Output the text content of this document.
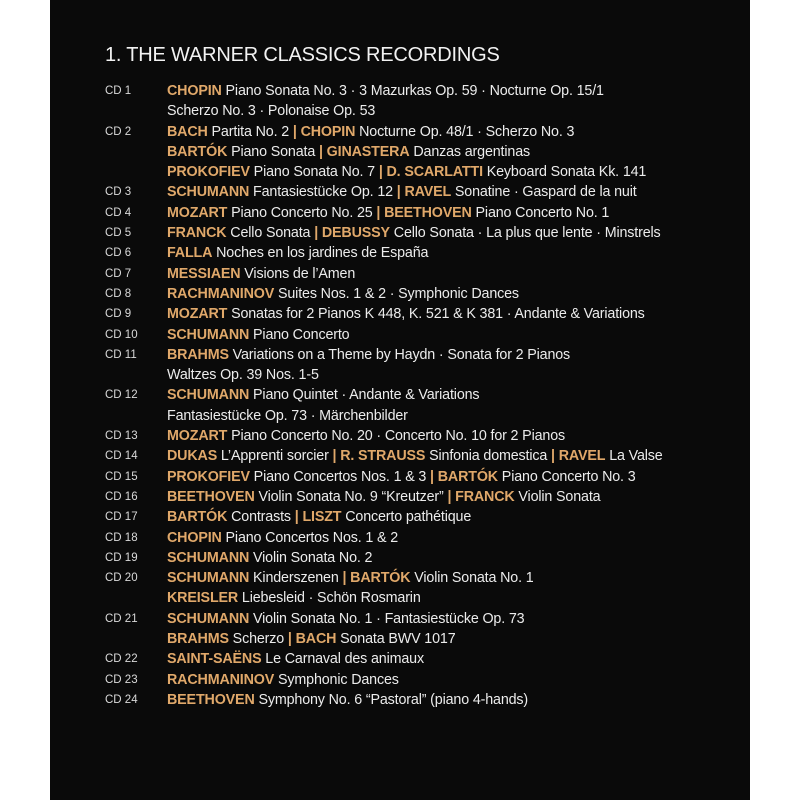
1. THE WARNER CLASSICS RECORDINGS
CD 1	CHOPIN Piano Sonata No. 3 · 3 Mazurkas Op. 59 · Nocturne Op. 15/1
Scherzo No. 3 · Polonaise Op. 53
CD 2	BACH Partita No. 2 | CHOPIN Nocturne Op. 48/1 · Scherzo No. 3
BARTÓK Piano Sonata | GINASTERA Danzas argentinas
PROKOFIEV Piano Sonata No. 7 | D. SCARLATTI Keyboard Sonata Kk. 141
CD 3	SCHUMANN Fantasiestücke Op. 12 | RAVEL Sonatine · Gaspard de la nuit
CD 4	MOZART Piano Concerto No. 25 | BEETHOVEN Piano Concerto No. 1
CD 5	FRANCK Cello Sonata | DEBUSSY Cello Sonata · La plus que lente · Minstrels
CD 6	FALLA Noches en los jardines de España
CD 7	MESSIAEN Visions de l’Amen
CD 8	RACHMANINOV Suites Nos. 1 & 2 · Symphonic Dances
CD 9	MOZART Sonatas for 2 Pianos K 448, K. 521 & K 381 · Andante & Variations
CD 10 SCHUMANN Piano Concerto
CD 11 BRAHMS Variations on a Theme by Haydn · Sonata for 2 Pianos
Waltzes Op. 39 Nos. 1-5
CD 12 SCHUMANN Piano Quintet · Andante & Variations
Fantasiestücke Op. 73 · Märchenbilder
CD 13 MOZART Piano Concerto No. 20 · Concerto No. 10 for 2 Pianos
CD 14 DUKAS L’Apprenti sorcier | R. STRAUSS Sinfonia domestica | RAVEL La Valse
CD 15 PROKOFIEV Piano Concertos Nos. 1 & 3 | BARTÓK Piano Concerto No. 3
CD 16 BEETHOVEN Violin Sonata No. 9 “Kreutzer” | FRANCK Violin Sonata
CD 17 BARTÓK Contrasts | LISZT Concerto pathétique
CD 18 CHOPIN Piano Concertos Nos. 1 & 2
CD 19 SCHUMANN Violin Sonata No. 2
CD 20 SCHUMANN Kinderszenen | BARTÓK Violin Sonata No. 1
KREISLER Liebesleid · Schön Rosmarin
CD 21 SCHUMANN Violin Sonata No. 1 · Fantasiestücke Op. 73
BRAHMS Scherzo | BACH Sonata BWV 1017
CD 22 SAINT-SAËNS Le Carnaval des animaux
CD 23 RACHMANINOV Symphonic Dances
CD 24 BEETHOVEN Symphony No. 6 “Pastoral” (piano 4-hands)
